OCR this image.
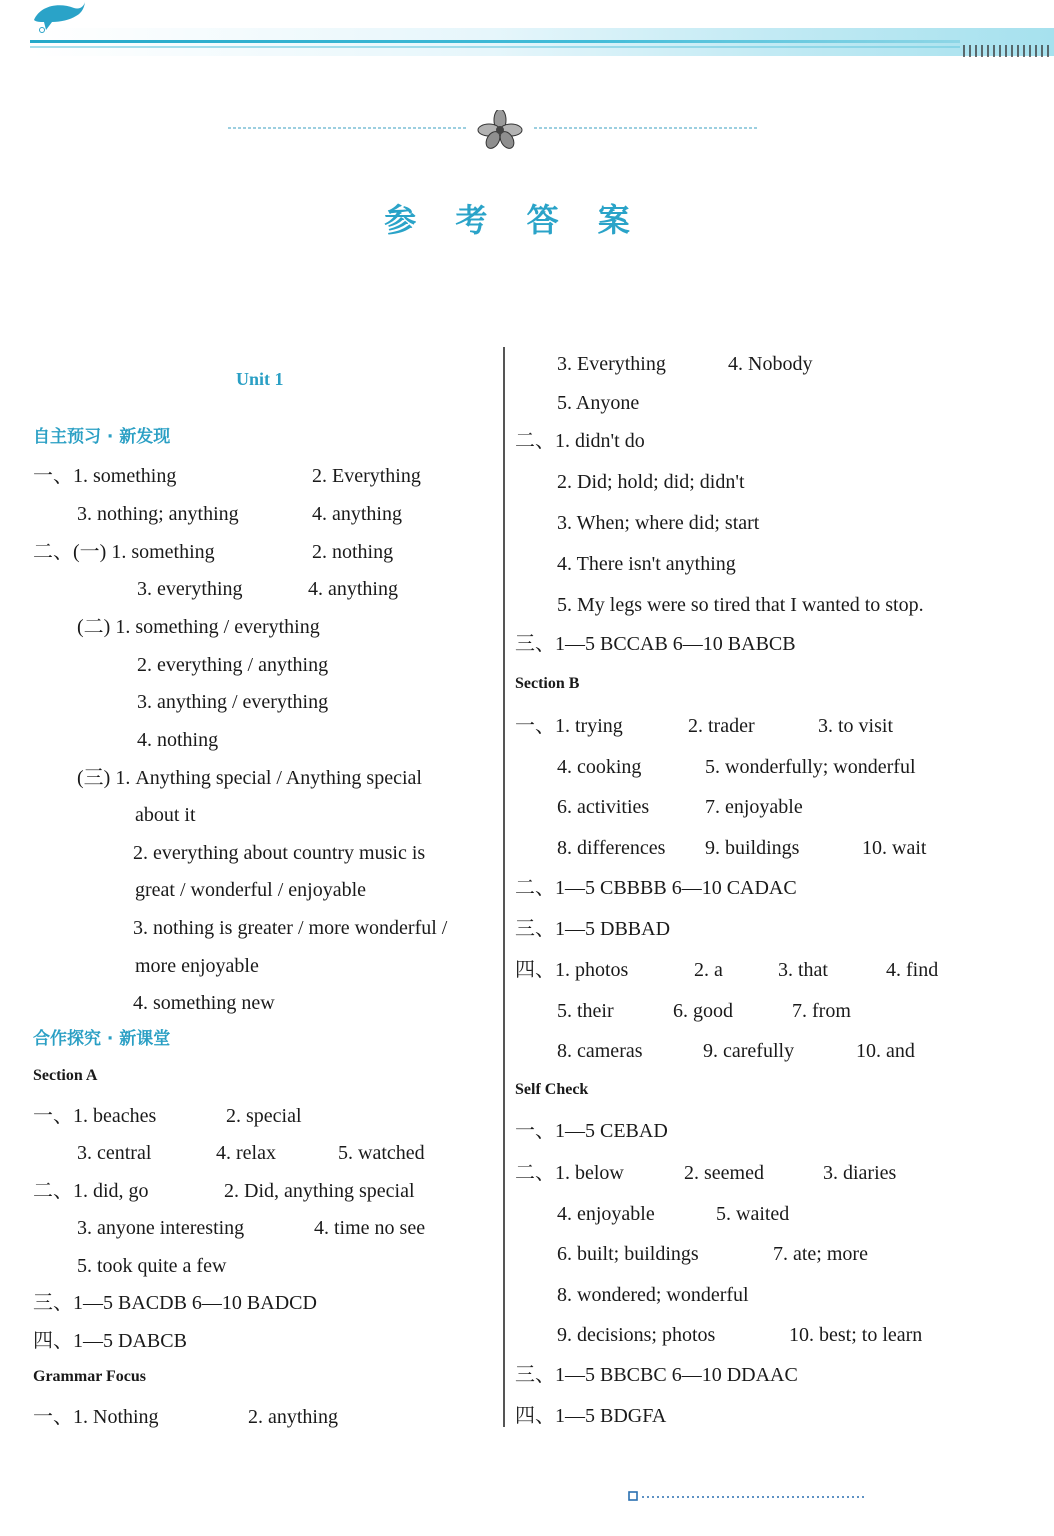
参 考 答 案
Unit 1
自主预习 · 新发现
一、1. something	2. Everything
3. nothing; anything	4. anything
二、(一) 1. something	2. nothing
3. everything	4. anything
(二) 1. something / everything
2. everything / anything
3. anything / everything
4. nothing
(三) 1. Anything special / Anything special
about it
2. everything about country music is
great / wonderful / enjoyable
3. nothing is greater / more wonderful /
more enjoyable
4. something new
合作探究 · 新课堂
Section A
一、1. beaches	2. special
3. central	4. relax	5. watched
二、1. did, go	2. Did, anything special
3. anyone interesting	4. time no see
5. took quite a few
三、1—5 BACDB 6—10 BADCD
四、1—5 DABCB
Grammar Focus
一、1. Nothing	2. anything
3. Everything	4. Nobody
5. Anyone
二、1. didn't do
2. Did; hold; did; didn't
3. When; where did; start
4. There isn't anything
5. My legs were so tired that I wanted to stop.
三、1—5 BCCAB 6—10 BABCB
Section B
一、1. trying	2. trader	3. to visit
4. cooking	5. wonderfully; wonderful
6. activities	7. enjoyable
8. differences 9. buildings	10. wait
二、1—5 CBBBB 6—10 CADAC
三、1—5 DBBAD
四、1. photos	2. a	3. that	4. find
5. their	6. good	7. from
8. cameras	9. carefully	10. and
Self Check
一、1—5 CEBAD
二、1. below	2. seemed	3. diaries
4. enjoyable	5. waited
6. built; buildings	7. ate; more
8. wondered; wonderful
9. decisions; photos	10. best; to learn
三、1—5 BBCBC 6—10 DDAAC
四、1—5 BDGFA
